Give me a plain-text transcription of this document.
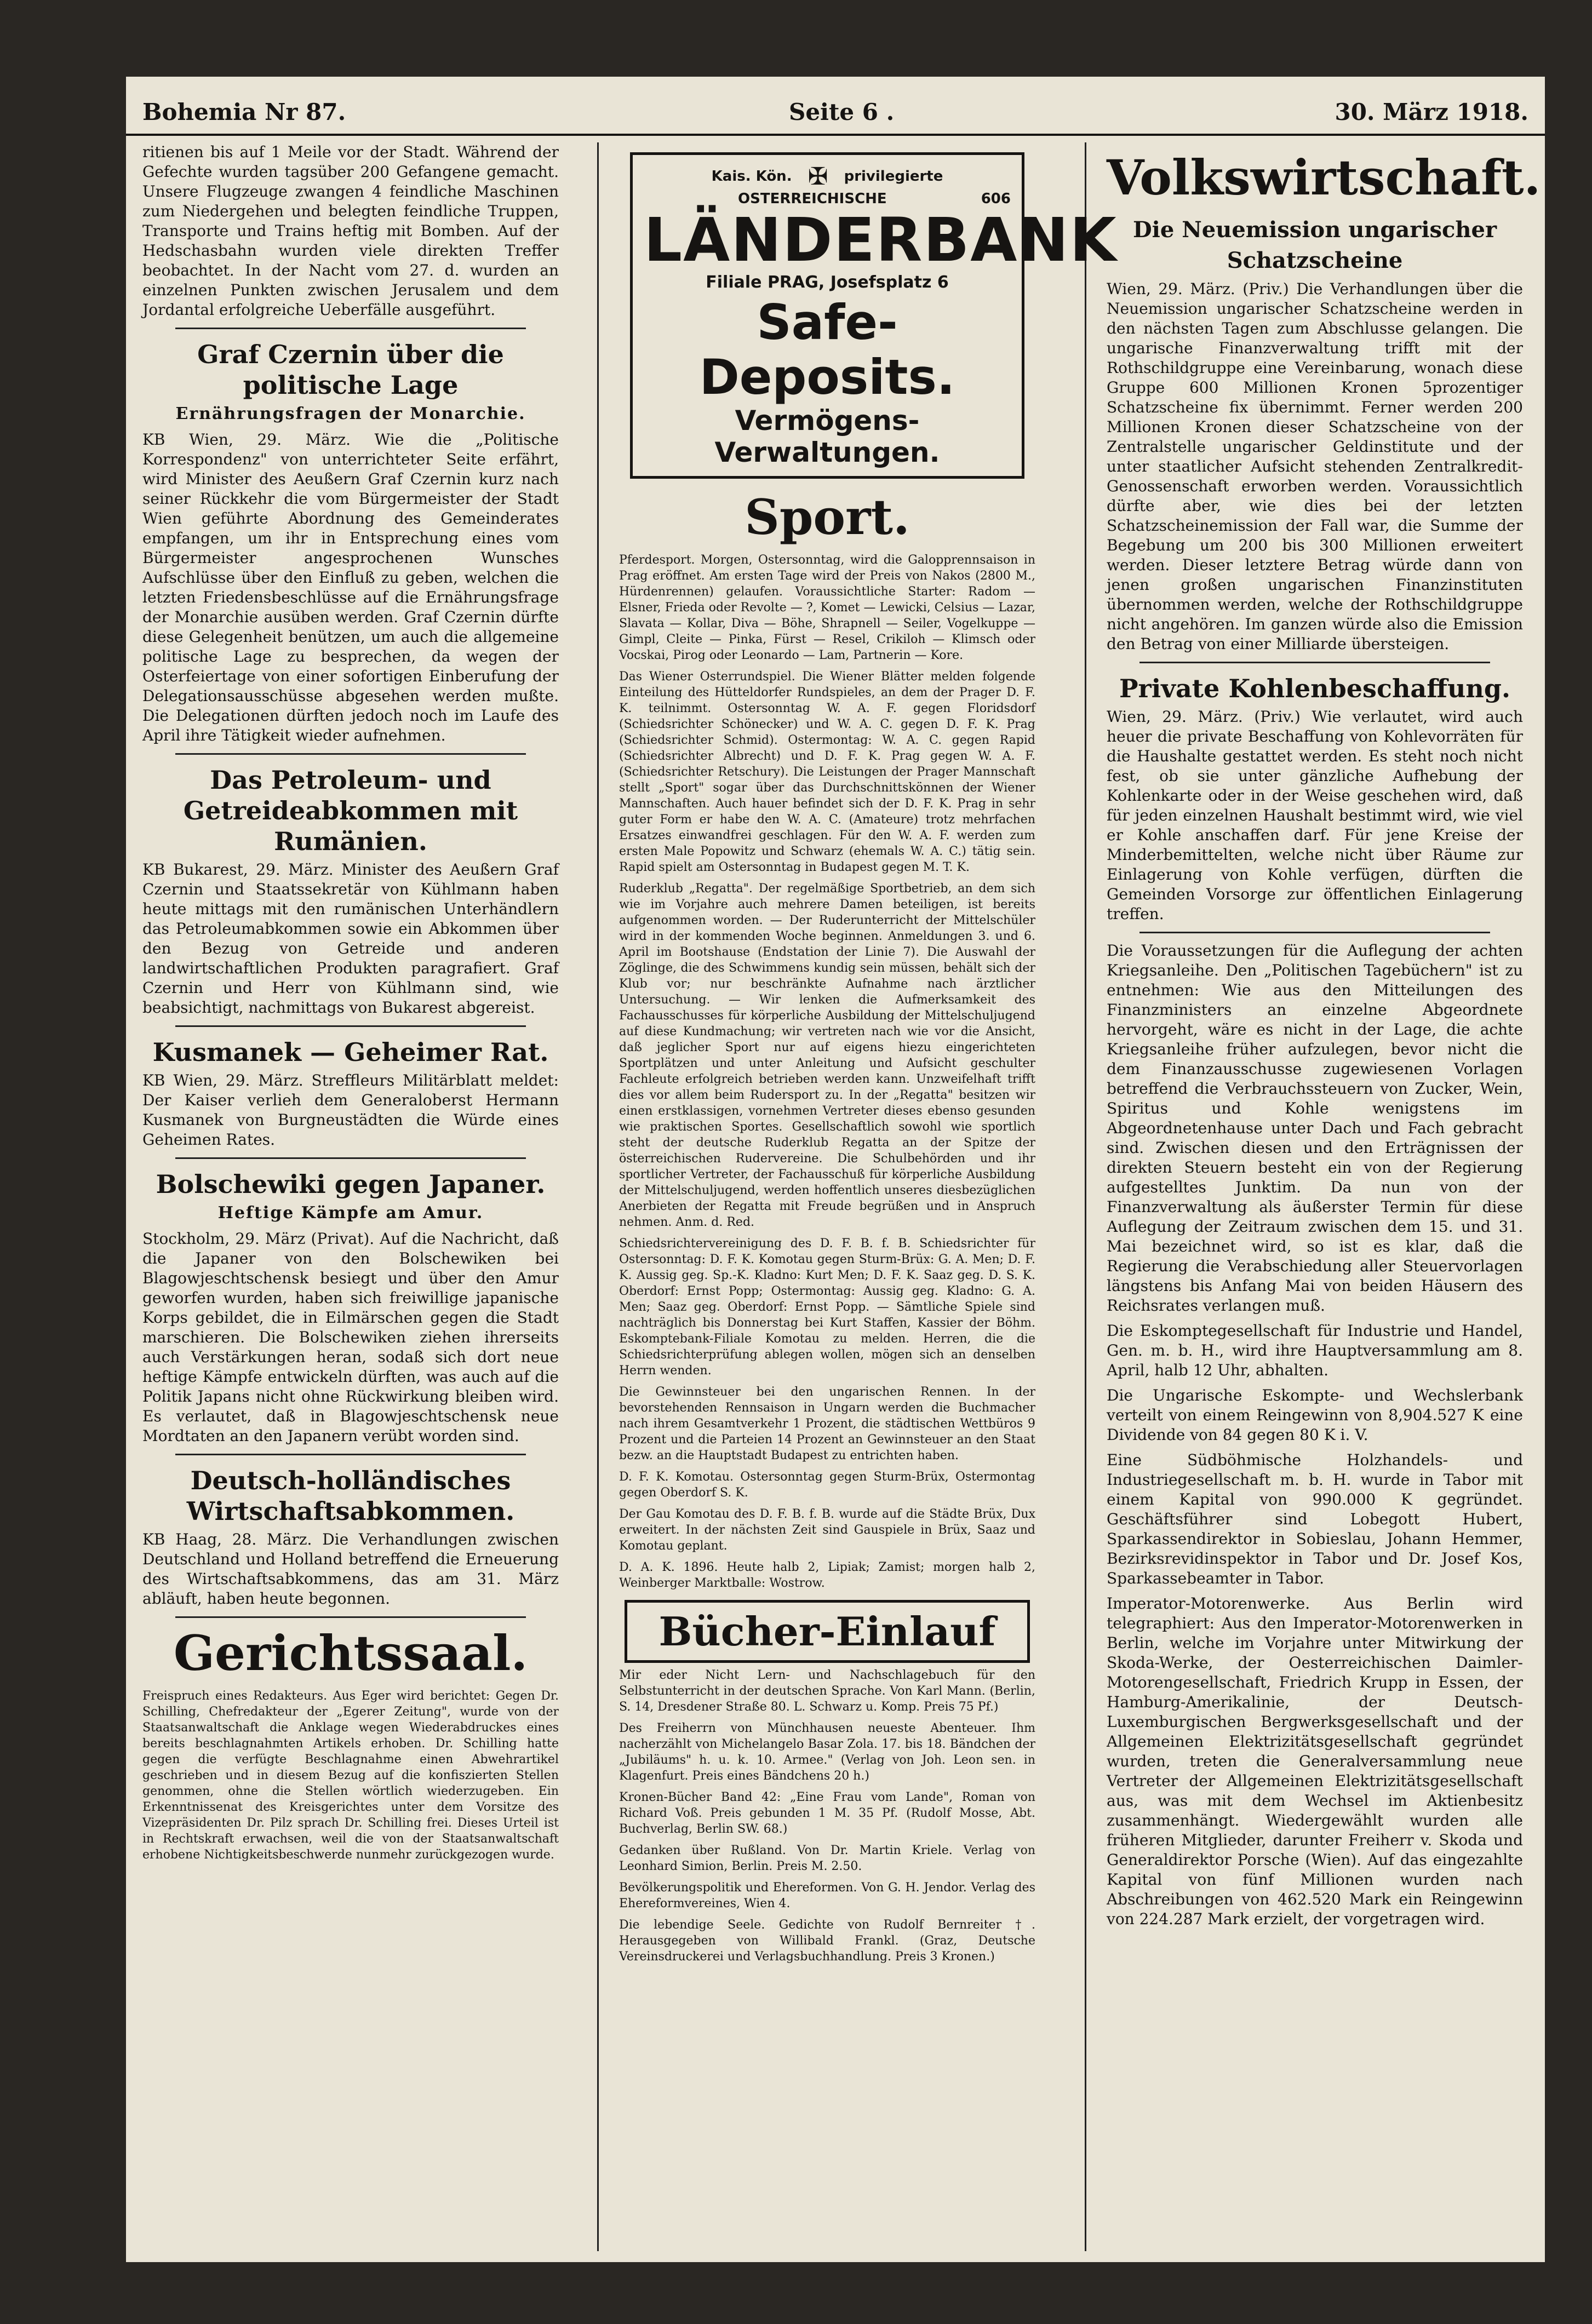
Bohemia Nr 87.	Seite 6 .	30. März 1918.

ritienen bis auf 1 Meile vor der Stadt. Während der Gefechte wurden tagsüber 200 Gefangene gemacht. Unsere Flugzeuge zwangen 4 feindliche Maschinen zum Niedergehen und belegten feindliche Truppen, Transporte und Trains heftig mit Bomben. Auf der Hedschasbahn wurden viele direkten Treffer beobachtet. In der Nacht vom 27. d. wurden an einzelnen Punkten zwischen Jerusalem und dem Jordantal erfolgreiche Ueberfälle ausgeführt.

Graf Czernin über die politische Lage
Ernährungsfragen der Monarchie.

KB Wien, 29. März. Wie die „Politische Korrespondenz" von unterrichteter Seite erfährt, wird Minister des Aeußern Graf Czernin kurz nach seiner Rückkehr die vom Bürgermeister der Stadt Wien geführte Abordnung des Gemeinderates empfangen, um ihr in Entsprechung eines vom Bürgermeister angesprochenen Wunsches Aufschlüsse über den Einfluß zu geben, welchen die letzten Friedensbeschlüsse auf die Ernährungsfrage der Monarchie ausüben werden. Graf Czernin dürfte diese Gelegenheit benützen, um auch die allgemeine politische Lage zu besprechen, da wegen der Osterfeiertage von einer sofortigen Einberufung der Delegationsausschüsse abgesehen werden mußte. Die Delegationen dürften jedoch noch im Laufe des April ihre Tätigkeit wieder aufnehmen.

Das Petroleum- und Getreideabkommen mit Rumänien.

KB Bukarest, 29. März. Minister des Aeußern Graf Czernin und Staatssekretär von Kühlmann haben heute mittags mit den rumänischen Unterhändlern das Petroleumabkommen sowie ein Abkommen über den Bezug von Getreide und anderen landwirtschaftlichen Produkten paragrafiert. Graf Czernin und Herr von Kühlmann sind, wie beabsichtigt, nachmittags von Bukarest abgereist.

Kusmanek — Geheimer Rat.

KB Wien, 29. März. Streffleurs Militärblatt meldet: Der Kaiser verlieh dem Generaloberst Hermann Kusmanek von Burgneustädten die Würde eines Geheimen Rates.

Bolschewiki gegen Japaner.
Heftige Kämpfe am Amur.

Stockholm, 29. März (Privat). Auf die Nachricht, daß die Japaner von den Bolschewiken bei Blagowjeschtschensk besiegt und über den Amur geworfen wurden, haben sich freiwillige japanische Korps gebildet, die in Eilmärschen gegen die Stadt marschieren. Die Bolschewiken ziehen ihrerseits auch Verstärkungen heran, sodaß sich dort neue heftige Kämpfe entwickeln dürften, was auch auf die Politik Japans nicht ohne Rückwirkung bleiben wird. Es verlautet, daß in Blagowjeschtschensk neue Mordtaten an den Japanern verübt worden sind.

Deutsch-holländisches Wirtschaftsabkommen.

KB Haag, 28. März. Die Verhandlungen zwischen Deutschland und Holland betreffend die Erneuerung des Wirtschaftsabkommens, das am 31. März abläuft, haben heute begonnen.

Gerichtssaal.

Freispruch eines Redakteurs. Aus Eger wird berichtet: Gegen Dr. Schilling, Chefredakteur der „Egerer Zeitung", wurde von der Staatsanwaltschaft die Anklage wegen Wiederabdruckes eines bereits beschlagnahmten Artikels erhoben. Dr. Schilling hatte gegen die verfügte Beschlagnahme einen Abwehrartikel geschrieben und in diesem Bezug auf die konfiszierten Stellen genommen, ohne die Stellen wörtlich wiederzugeben. Ein Erkenntnissenat des Kreisgerichtes unter dem Vorsitze des Vizepräsidenten Dr. Pilz sprach Dr. Schilling frei. Dieses Urteil ist in Rechtskraft erwachsen, weil die von der Staatsanwaltschaft erhobene Nichtigkeitsbeschwerde nunmehr zurückgezogen wurde.

Kais. Kön. ✠ privilegierte
OSTERREICHISCHE	606
LÄNDERBANK
Filiale PRAG, Josefsplatz 6
Safe-Deposits.
Vermögens-Verwaltungen.
Sport.

Pferdesport. Morgen, Ostersonntag, wird die Galopprennsaison in Prag eröffnet. Am ersten Tage wird der Preis von Nakos (2800 M., Hürdenrennen) gelaufen. Voraussichtliche Starter: Radom — Elsner, Frieda oder Revolte — ?, Komet — Lewicki, Celsius — Lazar, Slavata — Kollar, Diva — Böhe, Shrapnell — Seiler, Vogelkuppe — Gimpl, Cleite — Pinka, Fürst — Resel, Crikiloh — Klimsch oder Vocskai, Pirog oder Leonardo — Lam, Partnerin — Kore.

Das Wiener Osterrundspiel. Die Wiener Blätter melden folgende Einteilung des Hütteldorfer Rundspieles, an dem der Prager D. F. K. teilnimmt. Ostersonntag W. A. F. gegen Floridsdorf (Schiedsrichter Schönecker) und W. A. C. gegen D. F. K. Prag (Schiedsrichter Schmid). Ostermontag: W. A. C. gegen Rapid (Schiedsrichter Albrecht) und D. F. K. Prag gegen W. A. F. (Schiedsrichter Retschury). Die Leistungen der Prager Mannschaft stellt „Sport" sogar über das Durchschnittskönnen der Wiener Mannschaften. Auch hauer befindet sich der D. F. K. Prag in sehr guter Form er habe den W. A. C. (Amateure) trotz mehrfachen Ersatzes einwandfrei geschlagen. Für den W. A. F. werden zum ersten Male Popowitz und Schwarz (ehemals W. A. C.) tätig sein. Rapid spielt am Ostersonntag in Budapest gegen M. T. K.

Ruderklub „Regatta". Der regelmäßige Sportbetrieb, an dem sich wie im Vorjahre auch mehrere Damen beteiligen, ist bereits aufgenommen worden. — Der Ruderunterricht der Mittelschüler wird in der kommenden Woche beginnen. Anmeldungen 3. und 6. April im Bootshause (Endstation der Linie 7). Die Auswahl der Zöglinge, die des Schwimmens kundig sein müssen, behält sich der Klub vor; nur beschränkte Aufnahme nach ärztlicher Untersuchung. — Wir lenken die Aufmerksamkeit des Fachausschusses für körperliche Ausbildung der Mittelschuljugend auf diese Kundmachung; wir vertreten nach wie vor die Ansicht, daß jeglicher Sport nur auf eigens hiezu eingerichteten Sportplätzen und unter Anleitung und Aufsicht geschulter Fachleute erfolgreich betrieben werden kann. Unzweifelhaft trifft dies vor allem beim Rudersport zu. In der „Regatta" besitzen wir einen erstklassigen, vornehmen Vertreter dieses ebenso gesunden wie praktischen Sportes. Gesellschaftlich sowohl wie sportlich steht der deutsche Ruderklub Regatta an der Spitze der österreichischen Rudervereine. Die Schulbehörden und ihr sportlicher Vertreter, der Fachausschuß für körperliche Ausbildung der Mittelschuljugend, werden hoffentlich unseres diesbezüglichen Anerbieten der Regatta mit Freude begrüßen und in Anspruch nehmen. Anm. d. Red.

Schiedsrichtervereinigung des D. F. B. f. B. Schiedsrichter für Ostersonntag: D. F. K. Komotau gegen Sturm-Brüx: G. A. Men; D. F. K. Aussig geg. Sp.-K. Kladno: Kurt Men; D. F. K. Saaz geg. D. S. K. Oberdorf: Ernst Popp; Ostermontag: Aussig geg. Kladno: G. A. Men; Saaz geg. Oberdorf: Ernst Popp. — Sämtliche Spiele sind nachträglich bis Donnerstag bei Kurt Staffen, Kassier der Böhm. Eskomptebank-Filiale Komotau zu melden. Herren, die die Schiedsrichterprüfung ablegen wollen, mögen sich an denselben Herrn wenden.

Die Gewinnsteuer bei den ungarischen Rennen. In der bevorstehenden Rennsaison in Ungarn werden die Buchmacher nach ihrem Gesamtverkehr 1 Prozent, die städtischen Wettbüros 9 Prozent und die Parteien 14 Prozent an Gewinnsteuer an den Staat bezw. an die Hauptstadt Budapest zu entrichten haben.

D. F. K. Komotau. Ostersonntag gegen Sturm-Brüx, Ostermontag gegen Oberdorf S. K.

Der Gau Komotau des D. F. B. f. B. wurde auf die Städte Brüx, Dux erweitert. In der nächsten Zeit sind Gauspiele in Brüx, Saaz und Komotau geplant.

D. A. K. 1896. Heute halb 2, Lipiak; Zamist; morgen halb 2, Weinberger Marktballe: Wostrow.

Bücher-Einlauf

Mir eder Nicht Lern- und Nachschlagebuch für den Selbstunterricht in der deutschen Sprache. Von Karl Mann. (Berlin, S. 14, Dresdener Straße 80. L. Schwarz u. Komp. Preis 75 Pf.)

Des Freiherrn von Münchhausen neueste Abenteuer. Ihm nacherzählt von Michelangelo Basar Zola. 17. bis 18. Bändchen der „Jubiläums" h. u. k. 10. Armee." (Verlag von Joh. Leon sen. in Klagenfurt. Preis eines Bändchens 20 h.)

Kronen-Bücher Band 42: „Eine Frau vom Lande", Roman von Richard Voß. Preis gebunden 1 M. 35 Pf. (Rudolf Mosse, Abt. Buchverlag, Berlin SW. 68.)

Gedanken über Rußland. Von Dr. Martin Kriele. Verlag von Leonhard Simion, Berlin. Preis M. 2.50.

Bevölkerungspolitik und Ehereformen. Von G. H. Jendor. Verlag des Ehereformvereines, Wien 4.

Die lebendige Seele. Gedichte von Rudolf Bernreiter †. Herausgegeben von Willibald Frankl. (Graz, Deutsche Vereinsdruckerei und Verlagsbuchhandlung. Preis 3 Kronen.)

Volkswirtschaft.
Die Neuemission ungarischer Schatzscheine

Wien, 29. März. (Priv.) Die Verhandlungen über die Neuemission ungarischer Schatzscheine werden in den nächsten Tagen zum Abschlusse gelangen. Die ungarische Finanzverwaltung trifft mit der Rothschildgruppe eine Vereinbarung, wonach diese Gruppe 600 Millionen Kronen 5prozentiger Schatzscheine fix übernimmt. Ferner werden 200 Millionen Kronen dieser Schatzscheine von der Zentralstelle ungarischer Geldinstitute und der unter staatlicher Aufsicht stehenden Zentralkredit-Genossenschaft erworben werden. Voraussichtlich dürfte aber, wie dies bei der letzten Schatzscheinemission der Fall war, die Summe der Begebung um 200 bis 300 Millionen erweitert werden. Dieser letztere Betrag würde dann von jenen großen ungarischen Finanzinstituten übernommen werden, welche der Rothschildgruppe nicht angehören. Im ganzen würde also die Emission den Betrag von einer Milliarde übersteigen.

Private Kohlenbeschaffung.

Wien, 29. März. (Priv.) Wie verlautet, wird auch heuer die private Beschaffung von Kohlevorräten für die Haushalte gestattet werden. Es steht noch nicht fest, ob sie unter gänzliche Aufhebung der Kohlenkarte oder in der Weise geschehen wird, daß für jeden einzelnen Haushalt bestimmt wird, wie viel er Kohle anschaffen darf. Für jene Kreise der Minderbemittelten, welche nicht über Räume zur Einlagerung von Kohle verfügen, dürften die Gemeinden Vorsorge zur öffentlichen Einlagerung treffen.

Die Voraussetzungen für die Auflegung der achten Kriegsanleihe. Den „Politischen Tagebüchern" ist zu entnehmen: Wie aus den Mitteilungen des Finanzministers an einzelne Abgeordnete hervorgeht, wäre es nicht in der Lage, die achte Kriegsanleihe früher aufzulegen, bevor nicht die dem Finanzausschusse zugewiesenen Vorlagen betreffend die Verbrauchssteuern von Zucker, Wein, Spiritus und Kohle wenigstens im Abgeordnetenhause unter Dach und Fach gebracht sind. Zwischen diesen und den Erträgnissen der direkten Steuern besteht ein von der Regierung aufgestelltes Junktim. Da nun von der Finanzverwaltung als äußerster Termin für diese Auflegung der Zeitraum zwischen dem 15. und 31. Mai bezeichnet wird, so ist es klar, daß die Regierung die Verabschiedung aller Steuervorlagen längstens bis Anfang Mai von beiden Häusern des Reichsrates verlangen muß.

Die Eskomptegesellschaft für Industrie und Handel, Gen. m. b. H., wird ihre Hauptversammlung am 8. April, halb 12 Uhr, abhalten.

Die Ungarische Eskompte- und Wechslerbank verteilt von einem Reingewinn von 8,904.527 K eine Dividende von 84 gegen 80 K i. V.

Eine Südböhmische Holzhandels- und Industriegesellschaft m. b. H. wurde in Tabor mit einem Kapital von 990.000 K gegründet. Geschäftsführer sind Lobegott Hubert, Sparkassendirektor in Sobieslau, Johann Hemmer, Bezirksrevidinspektor in Tabor und Dr. Josef Kos, Sparkassebeamter in Tabor.

Imperator-Motorenwerke. Aus Berlin wird telegraphiert: Aus den Imperator-Motorenwerken in Berlin, welche im Vorjahre unter Mitwirkung der Skoda-Werke, der Oesterreichischen Daimler-Motorengesellschaft, Friedrich Krupp in Essen, der Hamburg-Amerikalinie, der Deutsch-Luxemburgischen Bergwerksgesellschaft und der Allgemeinen Elektrizitätsgesellschaft gegründet wurden, treten die Generalversammlung neue Vertreter der Allgemeinen Elektrizitätsgesellschaft aus, was mit dem Wechsel im Aktienbesitz zusammenhängt. Wiedergewählt wurden alle früheren Mitglieder, darunter Freiherr v. Skoda und Generaldirektor Porsche (Wien). Auf das eingezahlte Kapital von fünf Millionen wurden nach Abschreibungen von 462.520 Mark ein Reingewinn von 224.287 Mark erzielt, der vorgetragen wird.
